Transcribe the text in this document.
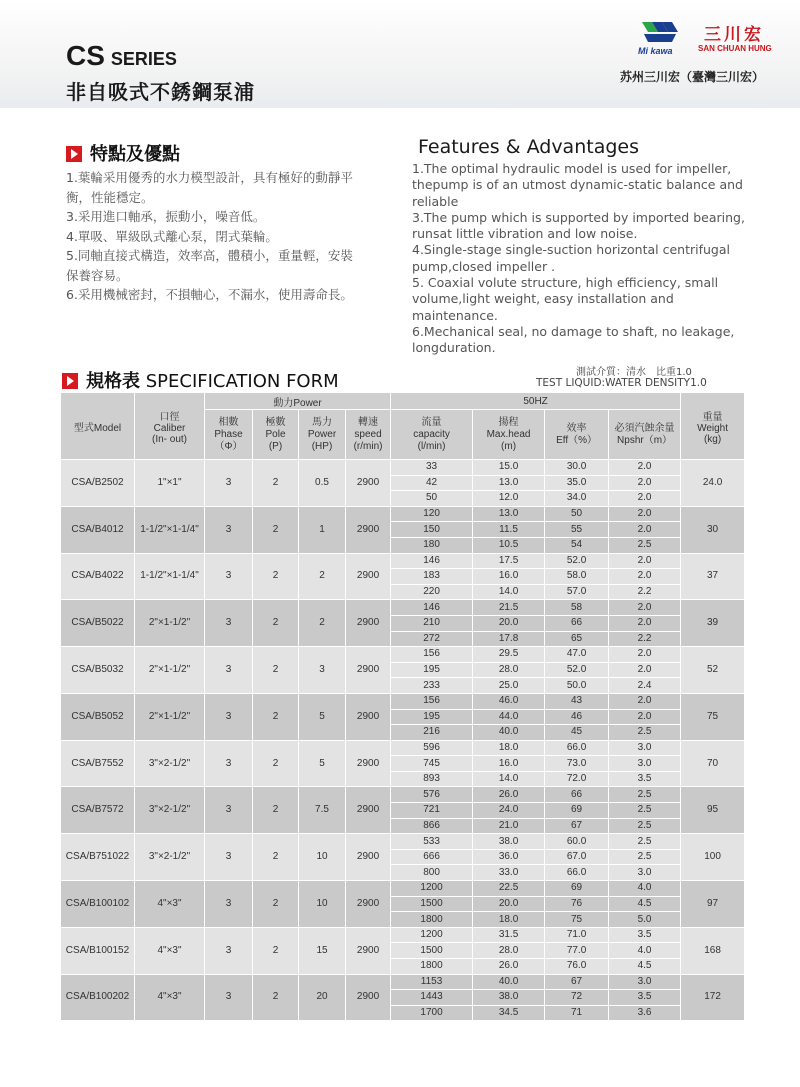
CS SERIES
非自吸式不銹鋼泵浦
Mi kawa
三川宏
SAN CHUAN HUNG
苏州三川宏（臺灣三川宏）
特點及優點	Features & Advantages
1.葉輪采用優秀的水力模型設計，具有極好的動靜平衡，性能穩定。
3.采用進口軸承，振動小，噪音低。
4.單吸、單級臥式離心泵，閉式葉輪。
5.同軸直接式構造，效率高，體積小，重量輕，安裝保養容易。
6.采用機械密封，不損軸心，不漏水，使用壽命長。
1.The optimal hydraulic model is used for impeller, thepump is of an utmost dynamic-static balance and reliable
3.The pump which is supported by imported bearing, runsat little vibration and low noise.
4.Single-stage single-suction horizontal centrifugal pump,closed impeller .
5. Coaxial volute structure, high efficiency, small volume,light weight, easy installation and maintenance.
6.Mechanical seal, no damage to shaft, no leakage, longduration.
規格表 SPECIFICATION FORM	測試介質：清水　比重1.0
TEST LIQUID:WATER DENSITY1.0
型式Model	口徑
Caliber
(In- out)	動力Power				50HZ				重量
Weight
(kg)
		相數
Phase
（Φ）	極數
Pole
(P)	馬力
Power
(HP)	轉速
speed
(r/min)	流量
capacity
(l/min)	揚程
Max.head
(m)	效率
Eff（%）	必須汽蝕余量
Npshr（m）	
CSA/B2502	1"×1"	3	2	0.5	2900	33	15.0	30.0	2.0	24.0
						42	13.0	35.0	2.0	
						50	12.0	34.0	2.0	
CSA/B4012	1-1/2"×1-1/4"	3	2	1	2900	120	13.0	50	2.0	30
						150	11.5	55	2.0	
						180	10.5	54	2.5	
CSA/B4022	1-1/2"×1-1/4"	3	2	2	2900	146	17.5	52.0	2.0	37
						183	16.0	58.0	2.0	
						220	14.0	57.0	2.2	
CSA/B5022	2"×1-1/2"	3	2	2	2900	146	21.5	58	2.0	39
						210	20.0	66	2.0	
						272	17.8	65	2.2	
CSA/B5032	2"×1-1/2"	3	2	3	2900	156	29.5	47.0	2.0	52
						195	28.0	52.0	2.0	
						233	25.0	50.0	2.4	
CSA/B5052	2"×1-1/2"	3	2	5	2900	156	46.0	43	2.0	75
						195	44.0	46	2.0	
						216	40.0	45	2.5	
CSA/B7552	3"×2-1/2"	3	2	5	2900	596	18.0	66.0	3.0	70
						745	16.0	73.0	3.0	
						893	14.0	72.0	3.5	
CSA/B7572	3"×2-1/2"	3	2	7.5	2900	576	26.0	66	2.5	95
						721	24.0	69	2.5	
						866	21.0	67	2.5	
CSA/B751022	3"×2-1/2"	3	2	10	2900	533	38.0	60.0	2.5	100
						666	36.0	67.0	2.5	
						800	33.0	66.0	3.0	
CSA/B100102	4"×3"	3	2	10	2900	1200	22.5	69	4.0	97
						1500	20.0	76	4.5	
						1800	18.0	75	5.0	
CSA/B100152	4"×3"	3	2	15	2900	1200	31.5	71.0	3.5	168
						1500	28.0	77.0	4.0	
						1800	26.0	76.0	4.5	
CSA/B100202	4"×3"	3	2	20	2900	1153	40.0	67	3.0	172
						1443	38.0	72	3.5	
						1700	34.5	71	3.6	
